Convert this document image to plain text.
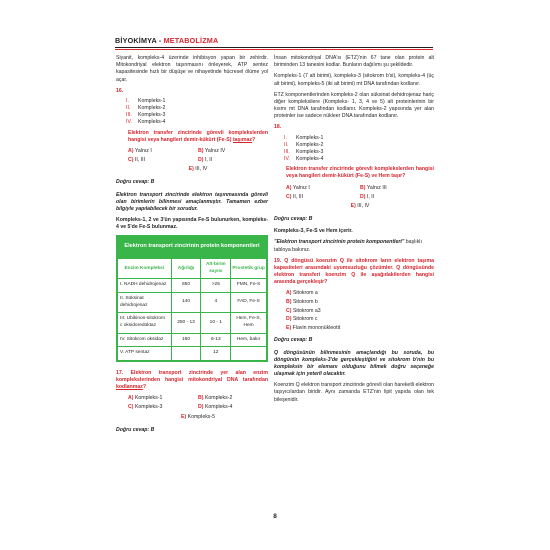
BİYOKİMYA - METABOLİZMA

Siyanit, kompleks-4 üzerinde inhibisyon yapan bir zehirdir. Mitokondriyal elektron taşınmasını önleyerek, ATP sentez kapasitesinde hızlı bir düşüşe ve nihayetinde hücresel ölüme yol açar.

16.
I.	Kompleks-1
II.	Kompleks-2
III.	Kompleks-3
IV.	Kompleks-4
Elektron transfer zincirinde görevli komplekslerden hangisi veya hangileri demir-kükürt (Fe-S) taşımaz?
A) Yalnız I	B) Yalnız IV
C) II, III	D) I, II
E) III, IV
Doğru cevap: B

Elektron transport zincirinde elektron taşınmasında görevli olan birimlerin bilinmesi amaçlanmıştır. Tamamen ezber bilgiyle yapılabilecek bir sorudur.

Kompleks-1, 2 ve 3'ün yapısında Fe-S bulunurken, kompleks-4 ve 5'de Fe-S bulunmaz.

Elektron transport zincirinin protein komponentleri
Enzim Kompleksi	Ağırlığı	Alt-birim sayısı	Prostetik grup
I. NADH dehidrojenaz	850	>25	FMN, Fe-S
II. Süksinat dehidrojenaz	140	4	FAD, Fe-S
III. Ubikinon-sitokrom c oksidoredüktaz	250 - 13	10 - 1	Hem, Fe-S, Hem
IV. Sitokrom oksidaz	160	6-13	Hem, bakır
V. ATP sentaz		12	
17. Elektron transport zincirinde yer alan enzim komplekslerinden hangisi mitokondriyal DNA tarafından kodlanmaz?
A) Kompleks-1	B) Kompleks-2
C) Kompleks-3	D) Kompleks-4
E) Kompleks-5
Doğru cevap: B

İnsan mitokondriyal DNA'sı (ETZ)'nin 67 tane olan protein alt biriminden 13 tanesini kodlar. Bunların dağılımı şu şekildedir.

Kompleks-1 (7 alt birimi), kompleks-3 (sitokrom b'si), kompleks-4 (üç alt birimi), kompleks-5 (iki alt birimi) mt DNA tarafından kodlanır.

ETZ komponentlerinden kompleks-2 olan süksinat dehidrojenaz hariç diğer kompleksilere (Kompleks- 1, 3, 4 ve 5) alt proteinlerinin bir kısmı mt DNA tarafından kodlanır. Kompleks-2 yapısında yer alan proteinler ise sadece nükleer DNA tarafından kodlanır.

18.
I.	Kompleks-1
II.	Kompleks-2
III.	Kompleks-3
IV.	Kompleks-4
Elektron transfer zincirinde görevli komplekslerden hangisi veya hangileri demir-kükürt (Fe-S) ve Hem taşır?
A) Yalnız I	B) Yalnız III
C) II, III	D) I, II
E) III, IV
Doğru cevap: B

Kompleks-3, Fe-S ve Hem içerir.

"Elektron transport zincirinin protein komponentleri" başlıklı tabloya bakınız.

19. Q döngüsü koenzim Q ile sitokrom ların elektron taşıma kapasiteleri arasındaki uyumsuzluğu çözümler. Q döngüsünde elektron transferi koenzim Q ile aşağıdakilerden hangisi arasında gerçekleşir?
A) Sitokrom a
B) Sitokrom b
C) Sitokrom a3
D) Sitokrom c
E) Flavin mononükleotit
Doğru cevap: B

Q döngüsünün bilinmesinin amaçlandığı bu soruda, bu döngünün kompleks-3'de gerçekleştiğini ve sitokrom b'nin bu kompleksin bir elemanı olduğunu bilmek doğru seçeneğe ulaşmak için yeterli olacaktır.

Koenzim Q elektron transport zincirinde görevli olan hareketli elektron taşıyıcılardan biridir. Aynı zamanda ETZ'nin lipit yapıda olan tek bileşenidir.

8
